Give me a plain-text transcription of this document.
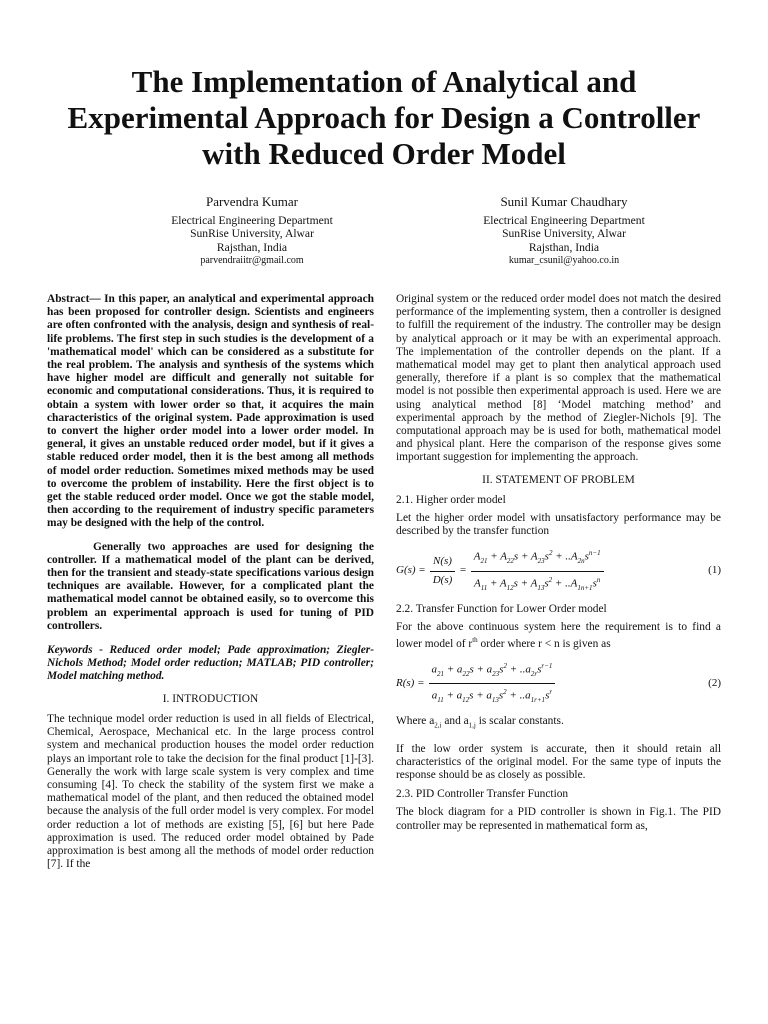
The Implementation of Analytical and Experimental Approach for Design a Controller with Reduced Order Model
Parvendra Kumar
Electrical Engineering Department
SunRise University, Alwar
Rajsthan, India
parvendraiitr@gmail.com
Sunil Kumar Chaudhary
Electrical Engineering Department
SunRise University, Alwar
Rajsthan, India
kumar_csunil@yahoo.co.in

Abstract— In this paper, an analytical and experimental approach has been proposed for controller design. Scientists and engineers are often confronted with the analysis, design and synthesis of real-life problems. The first step in such studies is the development of a 'mathematical model' which can be considered as a substitute for the real problem. The analysis and synthesis of the systems which have higher model are difficult and generally not suitable for economic and computational considerations. Thus, it is required to obtain a system with lower order so that, it acquires the main characteristics of the original system. Pade approximation is used to convert the higher order model into a lower order model. In general, it gives an unstable reduced order model, but if it gives a stable reduced order model, then it is the best among all methods of model order reduction. Sometimes mixed methods may be used to overcome the problem of instability. Here the first object is to get the stable reduced order model. Once we got the stable model, then according to the requirement of industry specific parameters may be designed with the help of the control.

Generally two approaches are used for designing the controller. If a mathematical model of the plant can be derived, then for the transient and steady-state specifications various design techniques are available. However, for a complicated plant the mathematical model cannot be obtained easily, so to overcome this problem an experimental approach is used for tuning of PID controllers.

Keywords - Reduced order model; Pade approximation; Ziegler-Nichols Method; Model order reduction; MATLAB; PID controller; Model matching method.

I. INTRODUCTION

The technique model order reduction is used in all fields of Electrical, Chemical, Aerospace, Mechanical etc. In the large process control system and mechanical production houses the model order reduction plays an important role to take the decision for the final product [1]-[3]. Generally the work with large scale system is very complex and time consuming [4]. To check the stability of the system first we make a mathematical model of the plant, and then reduced the obtained model because the analysis of the full order model is very complex. For model order reduction a lot of methods are existing [5], [6] but here Pade approximation is used. The reduced order model obtained by Pade approximation is best among all the methods of model order reduction [7]. If the

Original system or the reduced order model does not match the desired performance of the implementing system, then a controller is designed to fulfill the requirement of the industry. The controller may be design by analytical approach or it may be with an experimental approach. The implementation of the controller depends on the plant. If a mathematical model may get to plant then analytical approach used generally, therefore if a plant is so complex that the mathematical model is not possible then experimental approach is used. Here we are using analytical method [8] ‘Model matching method’ and experimental approach by the method of Ziegler-Nichols [9]. The computational approach may be is used for both, mathematical model and physical plant. Here the comparison of the response gives some important suggestion for implementing the approach.

II. STATEMENT OF PROBLEM

2.1. Higher order model

Let the higher order model with unsatisfactory performance may be described by the transfer function

$G(s) = \frac{N(s)}{D(s)} = \frac{A_{21} + A_{22}s + A_{23}s^2 + ..A_{2n}s^{n-1}}{A_{11} + A_{12}s + A_{13}s^2 + ..A_{1n+1}s^n}$	(1)

2.2. Transfer Function for Lower Order model

For the above continuous system here the requirement is to find a lower model of $r^{th}$ order where r < n is given as

$R(s) = \frac{a_{21} + a_{22}s + a_{23}s^2 + ..a_{2r}s^{r-1}}{a_{11} + a_{12}s + a_{13}s^2 + ..a_{1r+1}s^r}$	(2)

Where $a_{2,i}$ and $a_{1,j}$ is scalar constants.

If the low order system is accurate, then it should retain all characteristics of the original model. For the same type of inputs the response should be as closely as possible.

2.3. PID Controller Transfer Function

The block diagram for a PID controller is shown in Fig.1. The PID controller may be represented in mathematical form as,
